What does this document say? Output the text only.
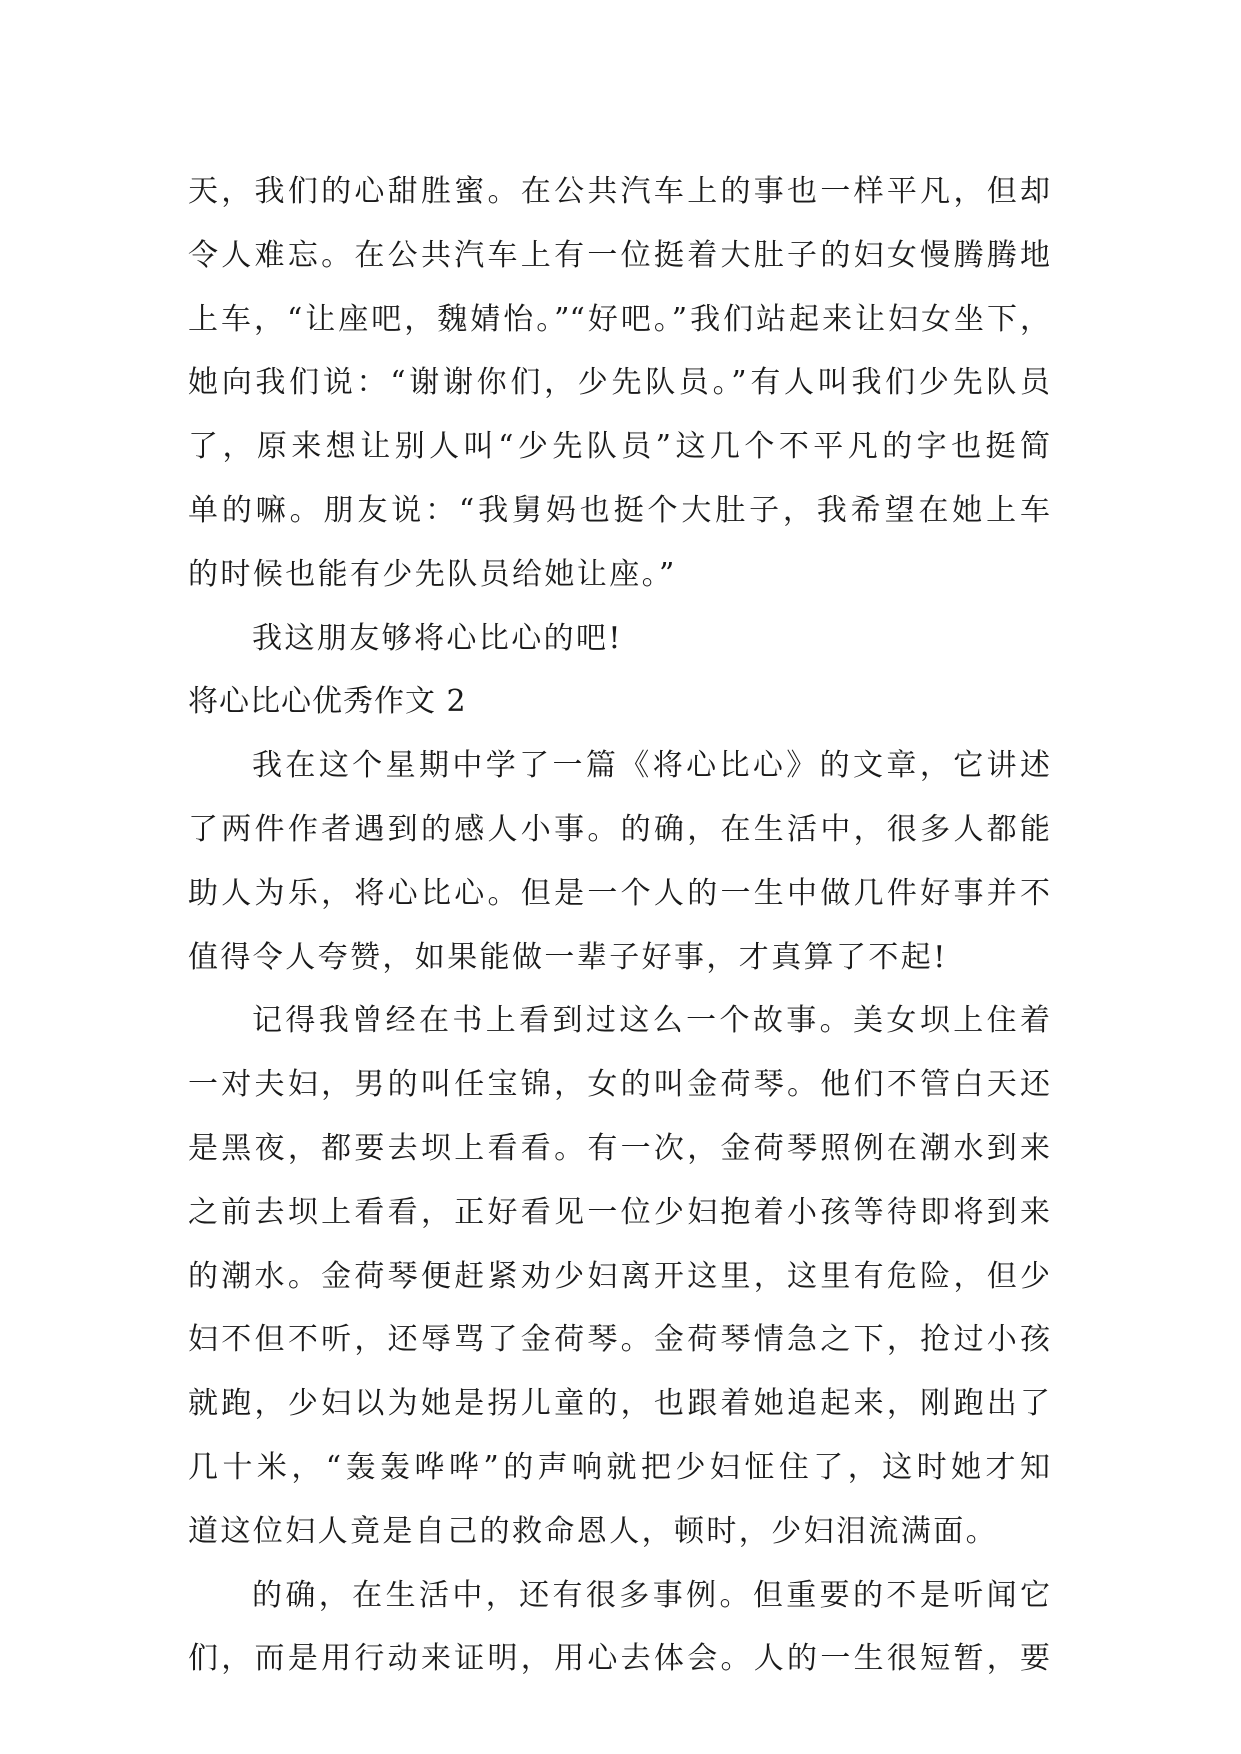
天，我们的心甜胜蜜。在公共汽车上的事也一样平凡，但却
令人难忘。在公共汽车上有一位挺着大肚子的妇女慢腾腾地
上车，“让座吧，魏婧怡。”“好吧。”我们站起来让妇女坐下，
她向我们说：“谢谢你们，少先队员。”有人叫我们少先队员
了，原来想让别人叫“少先队员”这几个不平凡的字也挺简
单的嘛。朋友说：“我舅妈也挺个大肚子，我希望在她上车
的时候也能有少先队员给她让座。”
我这朋友够将心比心的吧!
将心比心优秀作文 2
我在这个星期中学了一篇《将心比心》的文章，它讲述
了两件作者遇到的感人小事。的确，在生活中，很多人都能
助人为乐，将心比心。但是一个人的一生中做几件好事并不
值得令人夸赞，如果能做一辈子好事，才真算了不起!
记得我曾经在书上看到过这么一个故事。美女坝上住着
一对夫妇，男的叫任宝锦，女的叫金荷琴。他们不管白天还
是黑夜，都要去坝上看看。有一次，金荷琴照例在潮水到来
之前去坝上看看，正好看见一位少妇抱着小孩等待即将到来
的潮水。金荷琴便赶紧劝少妇离开这里，这里有危险，但少
妇不但不听，还辱骂了金荷琴。金荷琴情急之下，抢过小孩
就跑，少妇以为她是拐儿童的，也跟着她追起来，刚跑出了
几十米，“轰轰哗哗”的声响就把少妇怔住了，这时她才知
道这位妇人竟是自己的救命恩人，顿时，少妇泪流满面。
的确，在生活中，还有很多事例。但重要的不是听闻它
们，而是用行动来证明，用心去体会。人的一生很短暂，要
